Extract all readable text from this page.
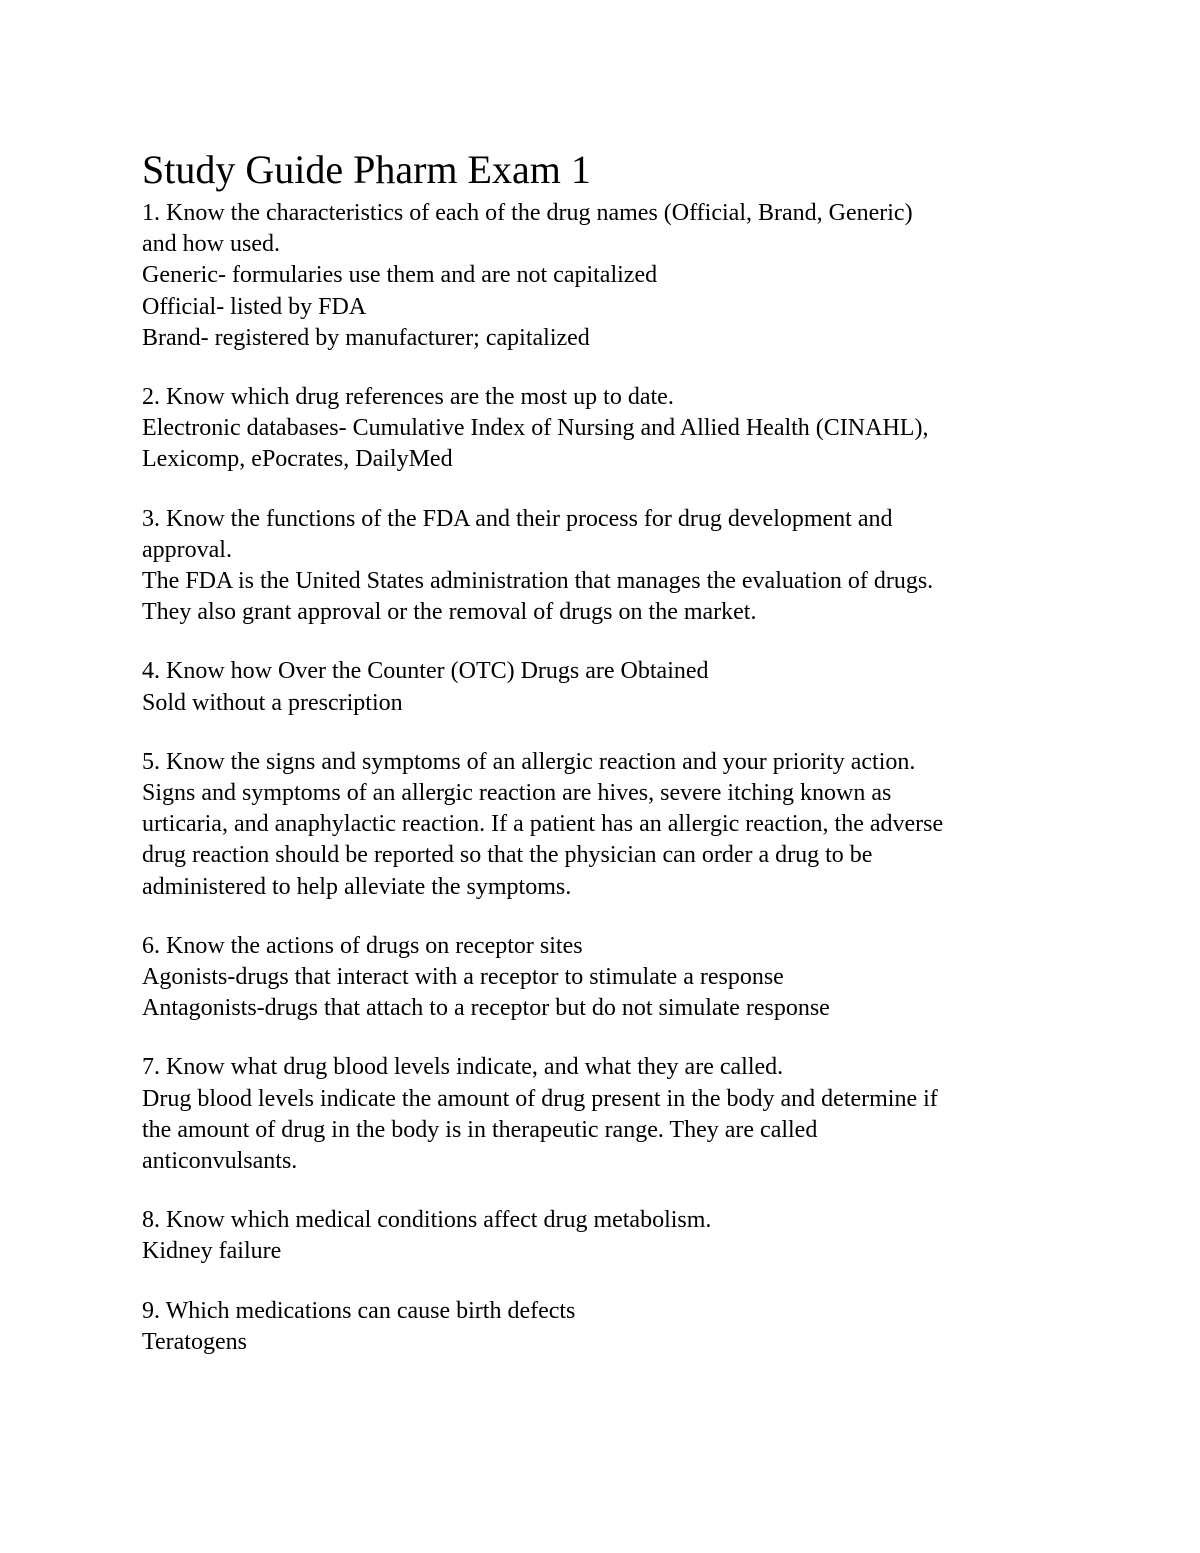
Study Guide Pharm Exam 1

1. Know the characteristics of each of the drug names (Official, Brand, Generic)

and how used.

Generic- formularies use them and are not capitalized

Official- listed by FDA

Brand- registered by manufacturer; capitalized

2. Know which drug references are the most up to date.

Electronic databases- Cumulative Index of Nursing and Allied Health (CINAHL),

Lexicomp, ePocrates, DailyMed

3. Know the functions of the FDA and their process for drug development and

approval.

The FDA is the United States administration that manages the evaluation of drugs.

They also grant approval or the removal of drugs on the market.

4. Know how Over the Counter (OTC) Drugs are Obtained

Sold without a prescription

5. Know the signs and symptoms of an allergic reaction and your priority action.

Signs and symptoms of an allergic reaction are hives, severe itching known as

urticaria, and anaphylactic reaction. If a patient has an allergic reaction, the adverse

drug reaction should be reported so that the physician can order a drug to be

administered to help alleviate the symptoms.

6. Know the actions of drugs on receptor sites

Agonists-drugs that interact with a receptor to stimulate a response

Antagonists-drugs that attach to a receptor but do not simulate response

7. Know what drug blood levels indicate, and what they are called.

Drug blood levels indicate the amount of drug present in the body and determine if

the amount of drug in the body is in therapeutic range. They are called

anticonvulsants.

8. Know which medical conditions affect drug metabolism.

Kidney failure

9. Which medications can cause birth defects

Teratogens
